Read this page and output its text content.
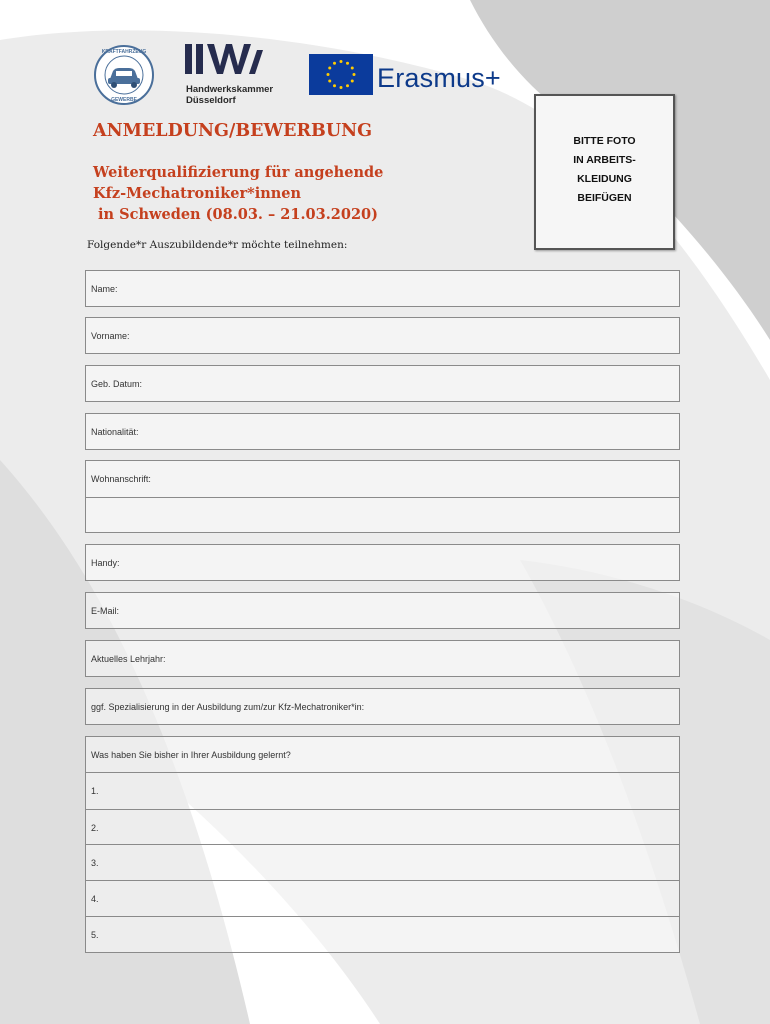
KRAFTFAHRZEUG
GEWERBE
Handwerkskammer
Düsseldorf
Erasmus+
BITTE FOTO
IN ARBEITS-
KLEIDUNG
BEIFÜGEN
ANMELDUNG/BEWERBUNG
Weiterqualifizierung für angehende
Kfz-Mechatroniker*innen
in Schweden (08.03. – 21.03.2020)
Folgende*r Auszubildende*r möchte teilnehmen:
Name:
Vorname:
Geb. Datum:
Nationalität:
Wohnanschrift:
Handy:
E-Mail:
Aktuelles Lehrjahr:
ggf. Spezialisierung in der Ausbildung zum/zur Kfz-Mechatroniker*in:
Was haben Sie bisher in Ihrer Ausbildung gelernt?
1.
2.
3.
4.
5.
